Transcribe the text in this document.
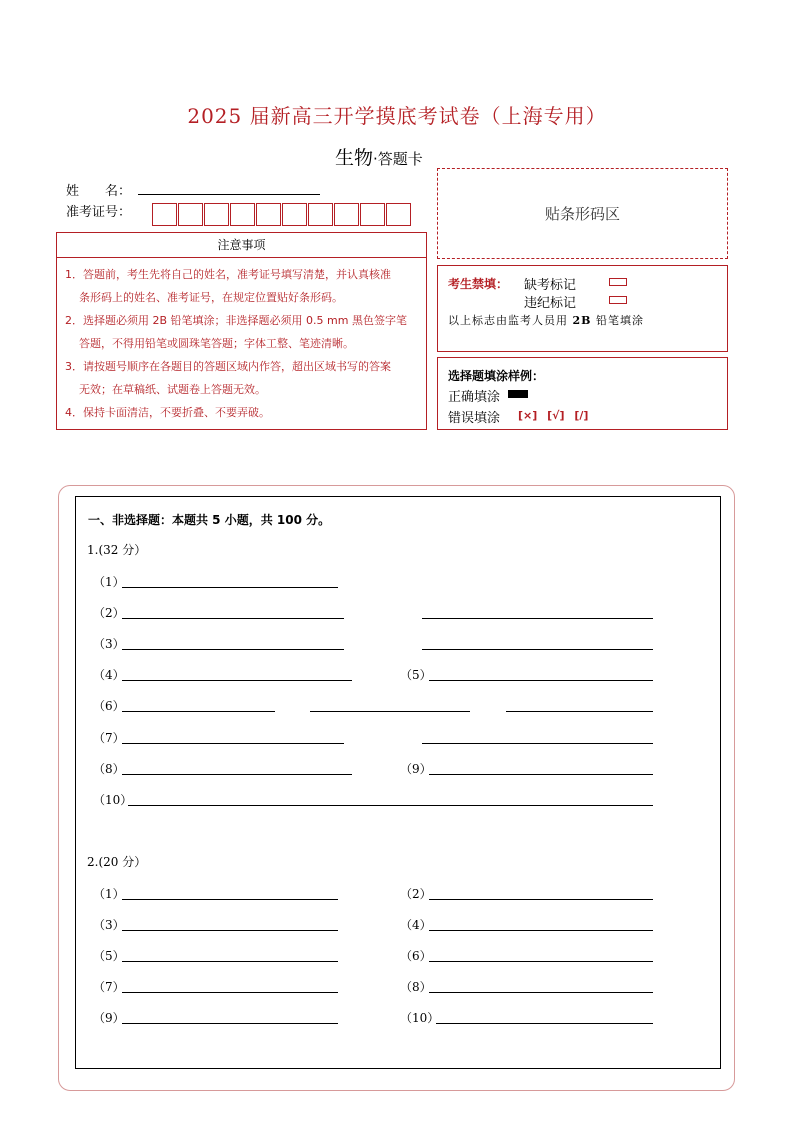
2025 届新高三开学摸底考试卷（上海专用）
生物·答题卡
姓　　名：
准考证号：	贴条形码区
注意事项

1．答题前，考生先将自己的姓名，准考证号填写清楚，并认真核准

条形码上的姓名、准考证号，在规定位置贴好条形码。

2．选择题必须用 2B 铅笔填涂；非选择题必须用 0.5 mm 黑色签字笔

答题，不得用铅笔或圆珠笔答题；字体工整、笔迹清晰。

3．请按题号顺序在各题目的答题区域内作答，超出区域书写的答案

无效；在草稿纸、试题卷上答题无效。

4．保持卡面清洁，不要折叠、不要弄破。

考生禁填： 缺考标记
违纪标记
以上标志由监考人员用 2B 铅笔填涂
选择题填涂样例：
正确填涂
错误填涂 [×] [√] [/]
一、非选择题：本题共 5 小题，共 100 分。
1.(32 分）
（1）
（2）
（3）
（4）	（5）
（6）
（7）
（8）	（9）
（10）
2.(20 分）
（1）	（2）
（3）	（4）
（5）	（6）
（7）	（8）
（9）	（10）
